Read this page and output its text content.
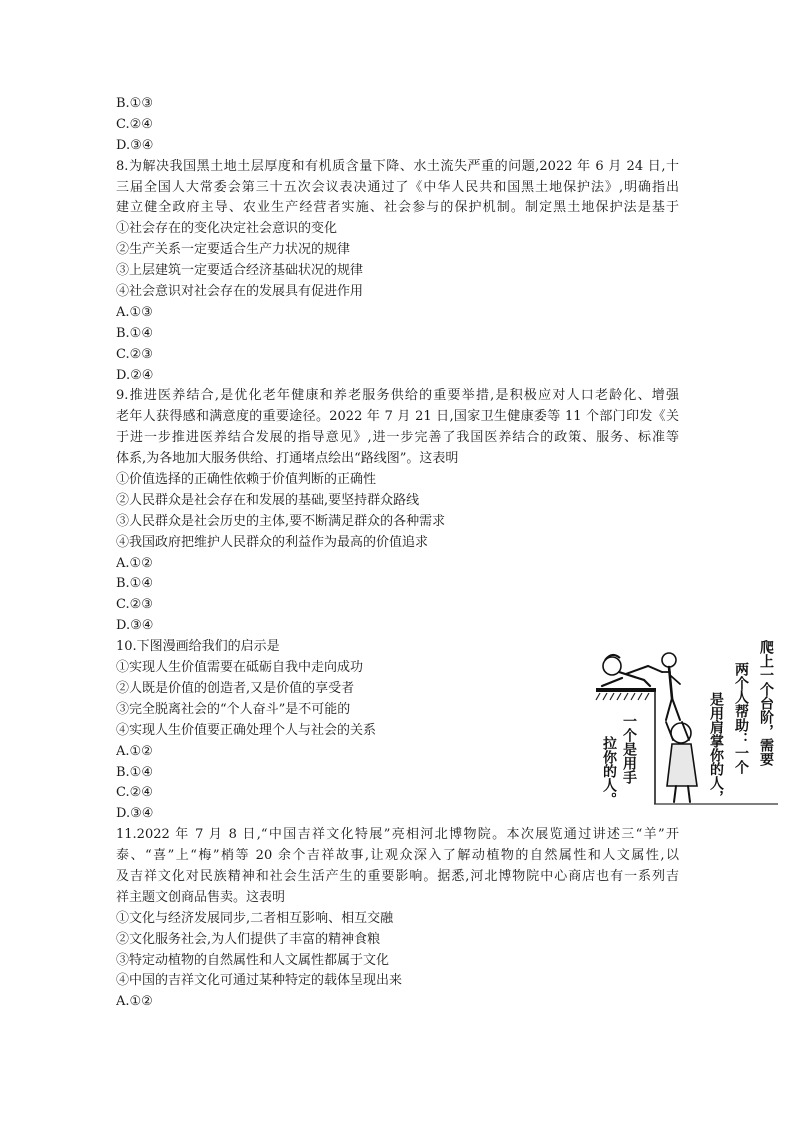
B.①③
C.②④
D.③④
8.为解决我国黑土地土层厚度和有机质含量下降、水土流失严重的问题,2022 年 6 月 24 日,十
三届全国人大常委会第三十五次会议表决通过了《中华人民共和国黑土地保护法》,明确指出
建立健全政府主导、农业生产经营者实施、社会参与的保护机制。制定黑土地保护法是基于
①社会存在的变化决定社会意识的变化
②生产关系一定要适合生产力状况的规律
③上层建筑一定要适合经济基础状况的规律
④社会意识对社会存在的发展具有促进作用
A.①③
B.①④
C.②③
D.②④
9.推进医养结合,是优化老年健康和养老服务供给的重要举措,是积极应对人口老龄化、增强
老年人获得感和满意度的重要途径。2022 年 7 月 21 日,国家卫生健康委等 11 个部门印发《关
于进一步推进医养结合发展的指导意见》,进一步完善了我国医养结合的政策、服务、标准等
体系,为各地加大服务供给、打通堵点绘出“路线图”。这表明
①价值选择的正确性依赖于价值判断的正确性
②人民群众是社会存在和发展的基础,要坚持群众路线
③人民群众是社会历史的主体,要不断满足群众的各种需求
④我国政府把维护人民群众的利益作为最高的价值追求
A.①②
B.①④
C.②③
D.③④
10.下图漫画给我们的启示是
①实现人生价值需要在砥砺自我中走向成功
②人既是价值的创造者,又是价值的享受者
③完全脱离社会的“个人奋斗”是不可能的
④实现人生价值要正确处理个人与社会的关系
A.①②
B.①④
C.②④
D.③④
11.2022 年 7 月 8 日,“中国吉祥文化特展”亮相河北博物院。本次展览通过讲述三“羊”开
泰、“喜”上“梅”梢等 20 余个吉祥故事,让观众深入了解动植物的自然属性和人文属性,以
及吉祥文化对民族精神和社会生活产生的重要影响。据悉,河北博物院中心商店也有一系列吉
祥主题文创商品售卖。这表明
①文化与经济发展同步,二者相互影响、相互交融
②文化服务社会,为人们提供了丰富的精神食粮
③特定动植物的自然属性和人文属性都属于文化
④中国的吉祥文化可通过某种特定的载体呈现出来
A.①②
爬上一个台阶，需要
两个人帮助：一个
是用肩掌你的人，
一个是用手
拉你的人。
